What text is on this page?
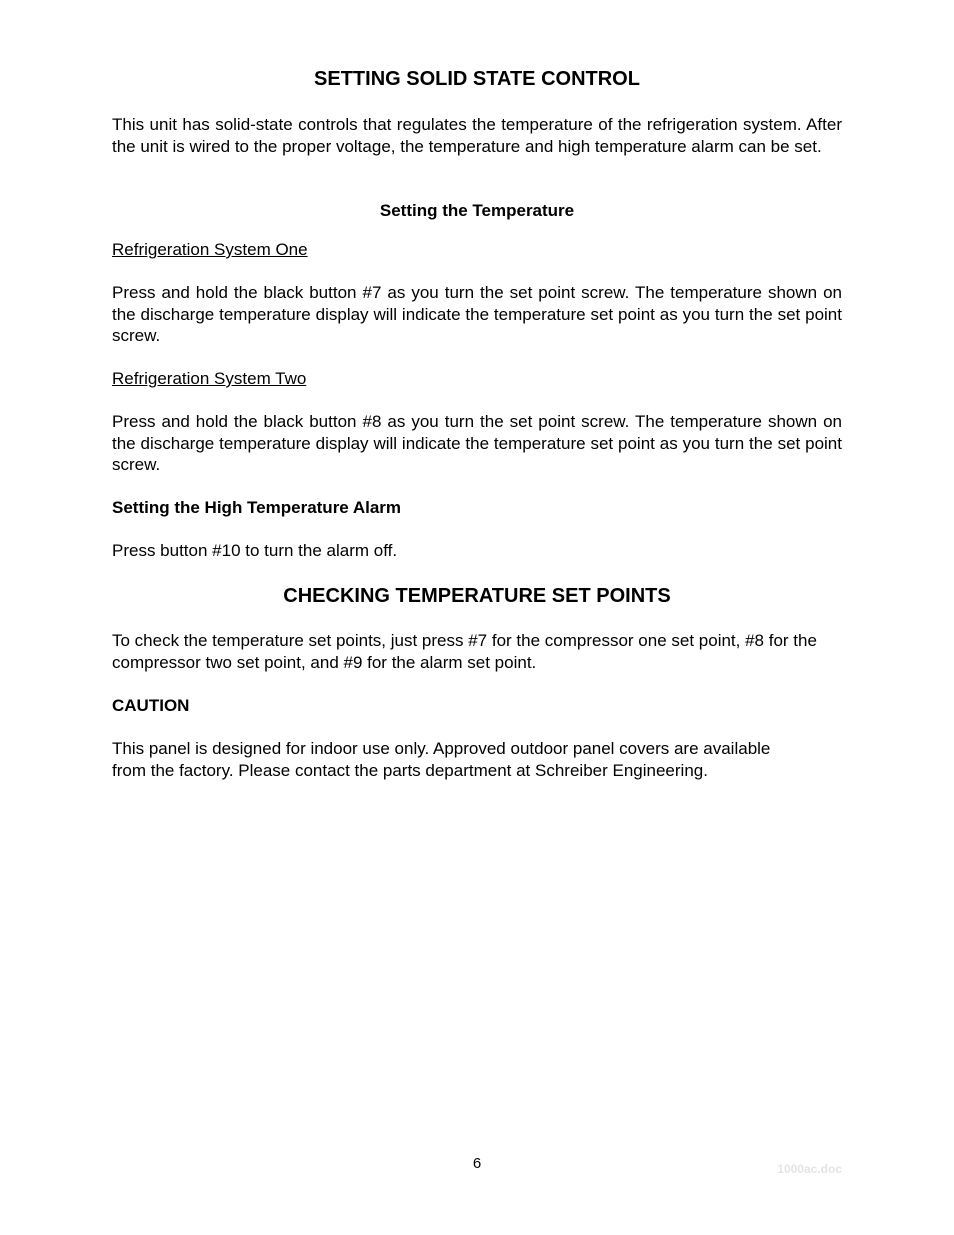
SETTING SOLID STATE CONTROL

This unit has solid-state controls that regulates the temperature of the refrigeration system. After the unit is wired to the proper voltage, the temperature and high temperature alarm can be set.

Setting the Temperature

Refrigeration System One

Press and hold the black button #7 as you turn the set point screw. The temperature shown on the discharge temperature display will indicate the temperature set point as you turn the set point screw.

Refrigeration System Two

Press and hold the black button #8 as you turn the set point screw. The temperature shown on the discharge temperature display will indicate the temperature set point as you turn the set point screw.

Setting the High Temperature Alarm

Press button #10 to turn the alarm off.

CHECKING TEMPERATURE SET POINTS

To check the temperature set points, just press #7 for the compressor one set point, #8 for the compressor two set point, and #9 for the alarm set point.

CAUTION

This panel is designed for indoor use only. Approved outdoor panel covers are available from the factory. Please contact the parts department at Schreiber Engineering.

6	1000ac.doc
